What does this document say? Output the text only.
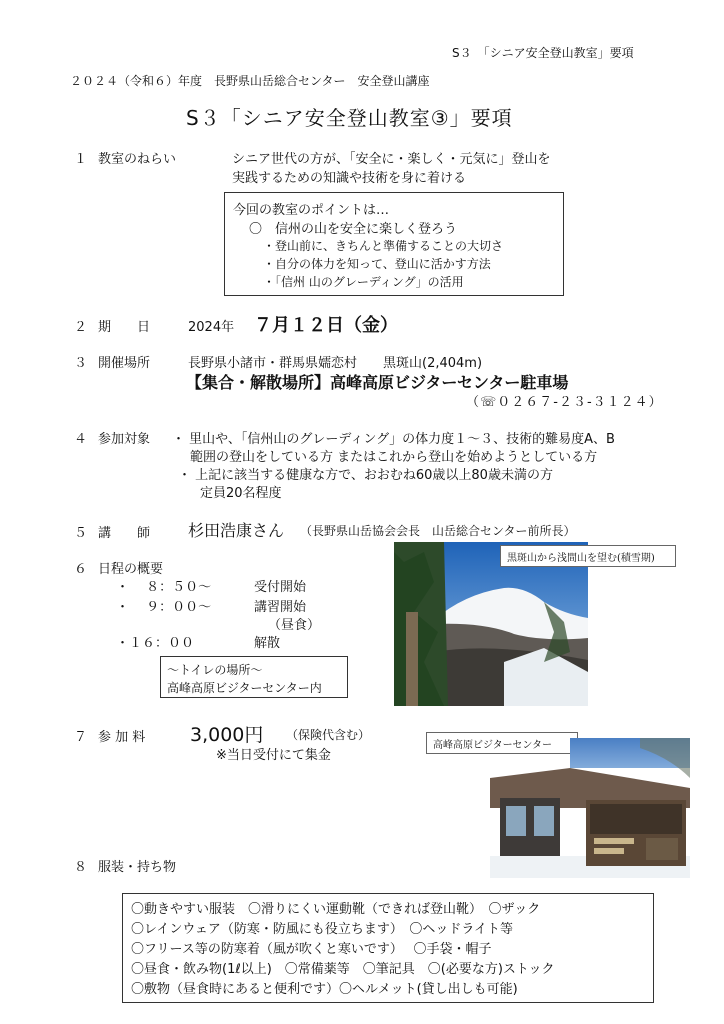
S３　「シニア安全登山教室」要項
２０２４（令和６）年度　長野県山岳総合センター　安全登山講座
S３「シニア安全登山教室③」要項
１ 教室のねらい	シニア世代の方が、「安全に・楽しく・元気に」登山を
実践するための知識や技術を身に着ける
今回の教室のポイントは…
〇　信州の山を安全に楽しく登ろう
・登山前に、きちんと準備することの大切さ
・自分の体力を知って、登山に活かす方法
・「信州 山のグレーディング」の活用
２ 期　　日	2024年 ７月１２日（金）
３ 開催場所	長野県小諸市・群馬県嬬恋村　　黒斑山(2,404m)
【集合・解散場所】高峰高原ビジターセンター駐車場
（☏０２６７-２３-３１２４）
４ 参加対象 ・ 里山や、「信州山のグレーディング」の体力度１～３、技術的難易度A、B
範囲の登山をしている方 またはこれから登山を始めようとしている方
・ 上記に該当する健康な方で、おおむね60歳以上80歳未満の方
定員20名程度
５ 講　　師 杉田浩康さん （長野県山岳協会会長　山岳総合センター前所長）
６ 日程の概要
・　 ８：５０～	受付開始
・　 ９：００～	講習開始
（昼食）
・１６：００	解散
～トイレの場所～
高峰高原ビジターセンター内
黒斑山から浅間山を望む(積雪期)
７ 参 加 料 3,000円 （保険代含む）
※当日受付にて集金
高峰高原ビジターセンター
８ 服装・持ち物
〇動きやすい服装　〇滑りにくい運動靴（できれば登山靴）　〇ザック
〇レインウェア（防寒・防風にも役立ちます）　〇ヘッドライト等
〇フリース等の防寒着（風が吹くと寒いです）　 〇手袋・帽子
〇昼食・飲み物(1ℓ以上)　〇常備薬等　〇筆記具　〇(必要な方)ストック
〇敷物（昼食時にあると便利です）〇ヘルメット(貸し出しも可能)
